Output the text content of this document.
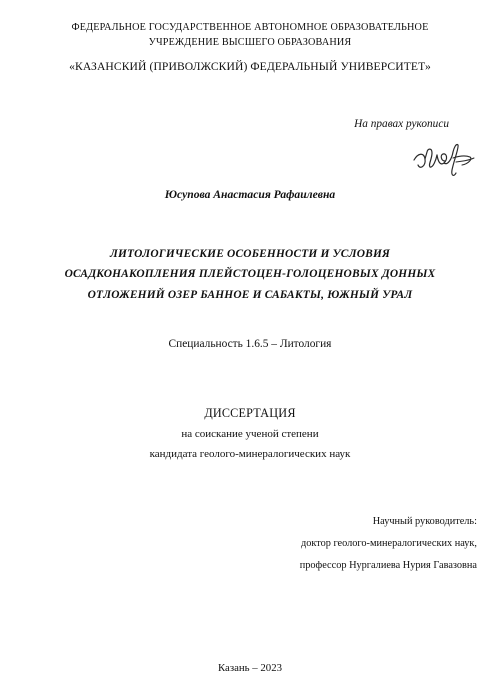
ФЕДЕРАЛЬНОЕ ГОСУДАРСТВЕННОЕ АВТОНОМНОЕ ОБРАЗОВАТЕЛЬНОЕ
УЧРЕЖДЕНИЕ ВЫСШЕГО ОБРАЗОВАНИЯ
«КАЗАНСКИЙ (ПРИВОЛЖСКИЙ) ФЕДЕРАЛЬНЫЙ УНИВЕРСИТЕТ»
На правах рукописи
Юсупова Анастасия Рафаилевна
ЛИТОЛОГИЧЕСКИЕ ОСОБЕННОСТИ И УСЛОВИЯ
ОСАДКОНАКОПЛЕНИЯ ПЛЕЙСТОЦЕН-ГОЛОЦЕНОВЫХ ДОННЫХ
ОТЛОЖЕНИЙ ОЗЕР БАННОЕ И САБАКТЫ, ЮЖНЫЙ УРАЛ
Специальность 1.6.5 – Литология
ДИССЕРТАЦИЯ
на соискание ученой степени
кандидата геолого-минералогических наук
Научный руководитель:
доктор геолого-минералогических наук,
профессор Нургалиева Нурия Гавазовна
Казань – 2023
